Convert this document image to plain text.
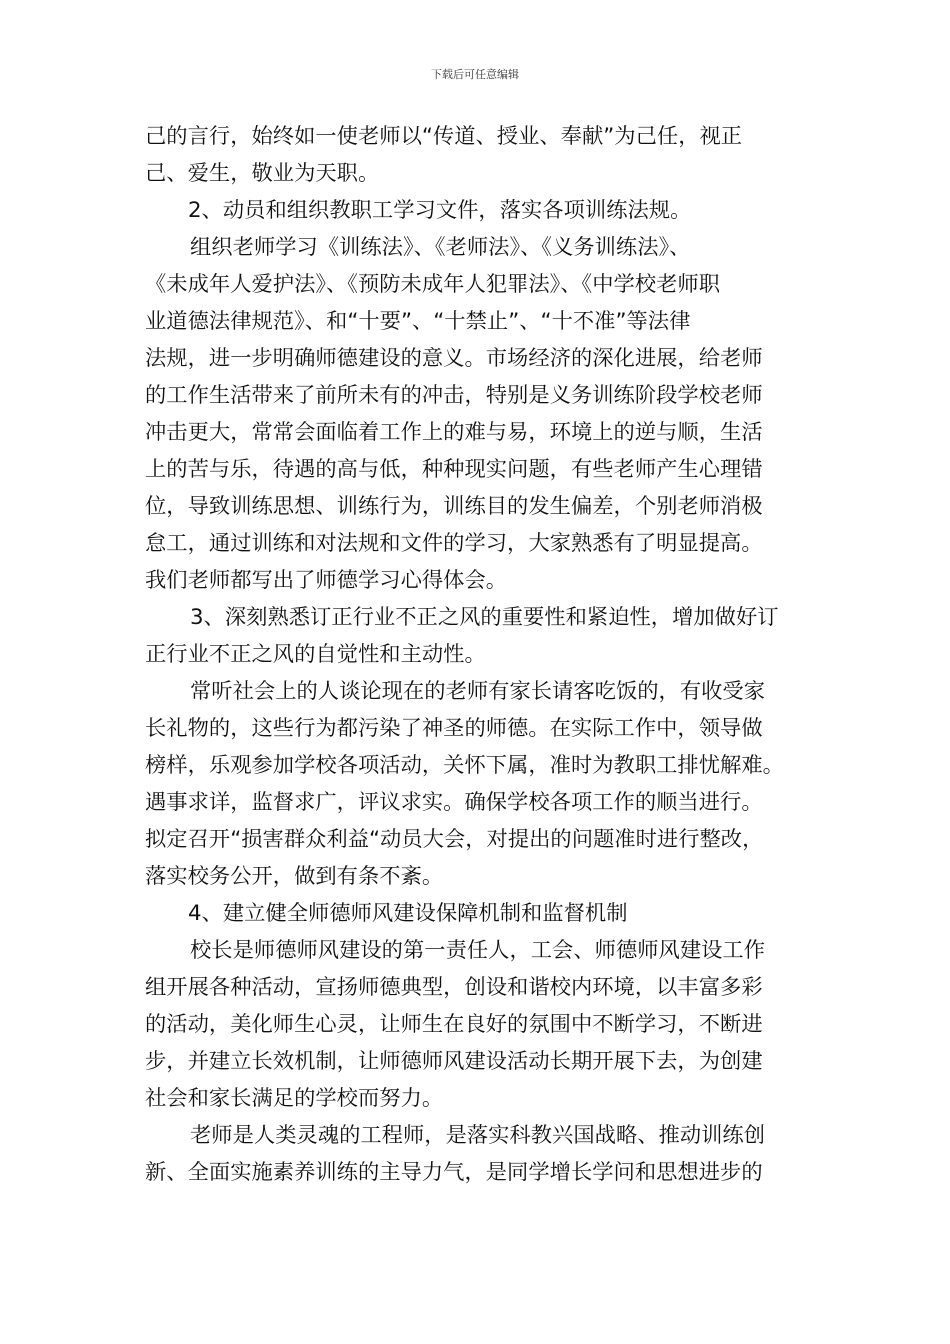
下载后可任意编辑
己的言行，始终如一使老师以“传道、授业、奉献”为己任，视正
己、爱生，敬业为天职。
2、动员和组织教职工学习文件，落实各项训练法规。
组织老师学习《训练法》、《老师法》、《义务训练法》、
《未成年人爱护法》、《预防未成年人犯罪法》、《中学校老师职
业道德法律规范》、和“十要”、“十禁止”、“十不准”等法律
法规，进一步明确师德建设的意义。市场经济的深化进展，给老师
的工作生活带来了前所未有的冲击，特别是义务训练阶段学校老师
冲击更大，常常会面临着工作上的难与易，环境上的逆与顺，生活
上的苦与乐，待遇的高与低，种种现实问题，有些老师产生心理错
位，导致训练思想、训练行为，训练目的发生偏差，个别老师消极
怠工，通过训练和对法规和文件的学习，大家熟悉有了明显提高。
我们老师都写出了师德学习心得体会。
3、深刻熟悉订正行业不正之风的重要性和紧迫性，增加做好订
正行业不正之风的自觉性和主动性。
常听社会上的人谈论现在的老师有家长请客吃饭的，有收受家
长礼物的，这些行为都污染了神圣的师德。在实际工作中，领导做
榜样，乐观参加学校各项活动，关怀下属，准时为教职工排忧解难。
遇事求详，监督求广，评议求实。确保学校各项工作的顺当进行。
拟定召开“损害群众利益“动员大会，对提出的问题准时进行整改，
落实校务公开，做到有条不紊。
4、建立健全师德师风建设保障机制和监督机制
校长是师德师风建设的第一责任人，工会、师德师风建设工作
组开展各种活动，宣扬师德典型，创设和谐校内环境，以丰富多彩
的活动，美化师生心灵，让师生在良好的氛围中不断学习，不断进
步，并建立长效机制，让师德师风建设活动长期开展下去，为创建
社会和家长满足的学校而努力。
老师是人类灵魂的工程师，是落实科教兴国战略、推动训练创
新、全面实施素养训练的主导力气，是同学增长学问和思想进步的
